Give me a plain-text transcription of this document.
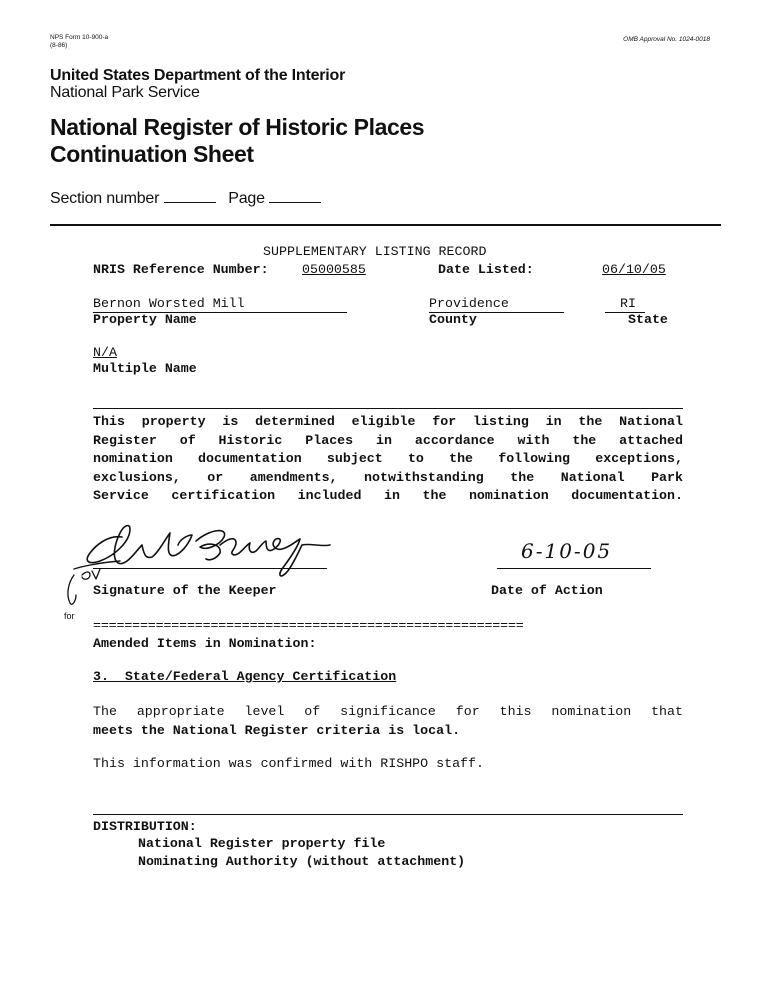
NPS Form 10-900-a
(8-86)
OMB Approval No. 1024-0018
United States Department of the Interior
National Park Service
National Register of Historic Places
Continuation Sheet
Section number	Page
SUPPLEMENTARY LISTING RECORD
NRIS Reference Number:	05000585	Date Listed:	06/10/05
Bernon Worsted Mill	Providence	RI
Property Name	County	State
N/A
Multiple Name
This property is determined eligible for listing in the National
Register of Historic Places in accordance with the attached
nomination documentation subject to the following exceptions,
exclusions, or amendments, notwithstanding the National Park
Service certification included in the nomination documentation.
for
Signature of the Keeper
6-10-05
Date of Action
=======================================================
Amended Items in Nomination:
3.  State/Federal Agency Certification
The appropriate level of significance for this nomination that
meets the National Register criteria is local.
This information was confirmed with RISHPO staff.
DISTRIBUTION:
National Register property file
Nominating Authority (without attachment)
